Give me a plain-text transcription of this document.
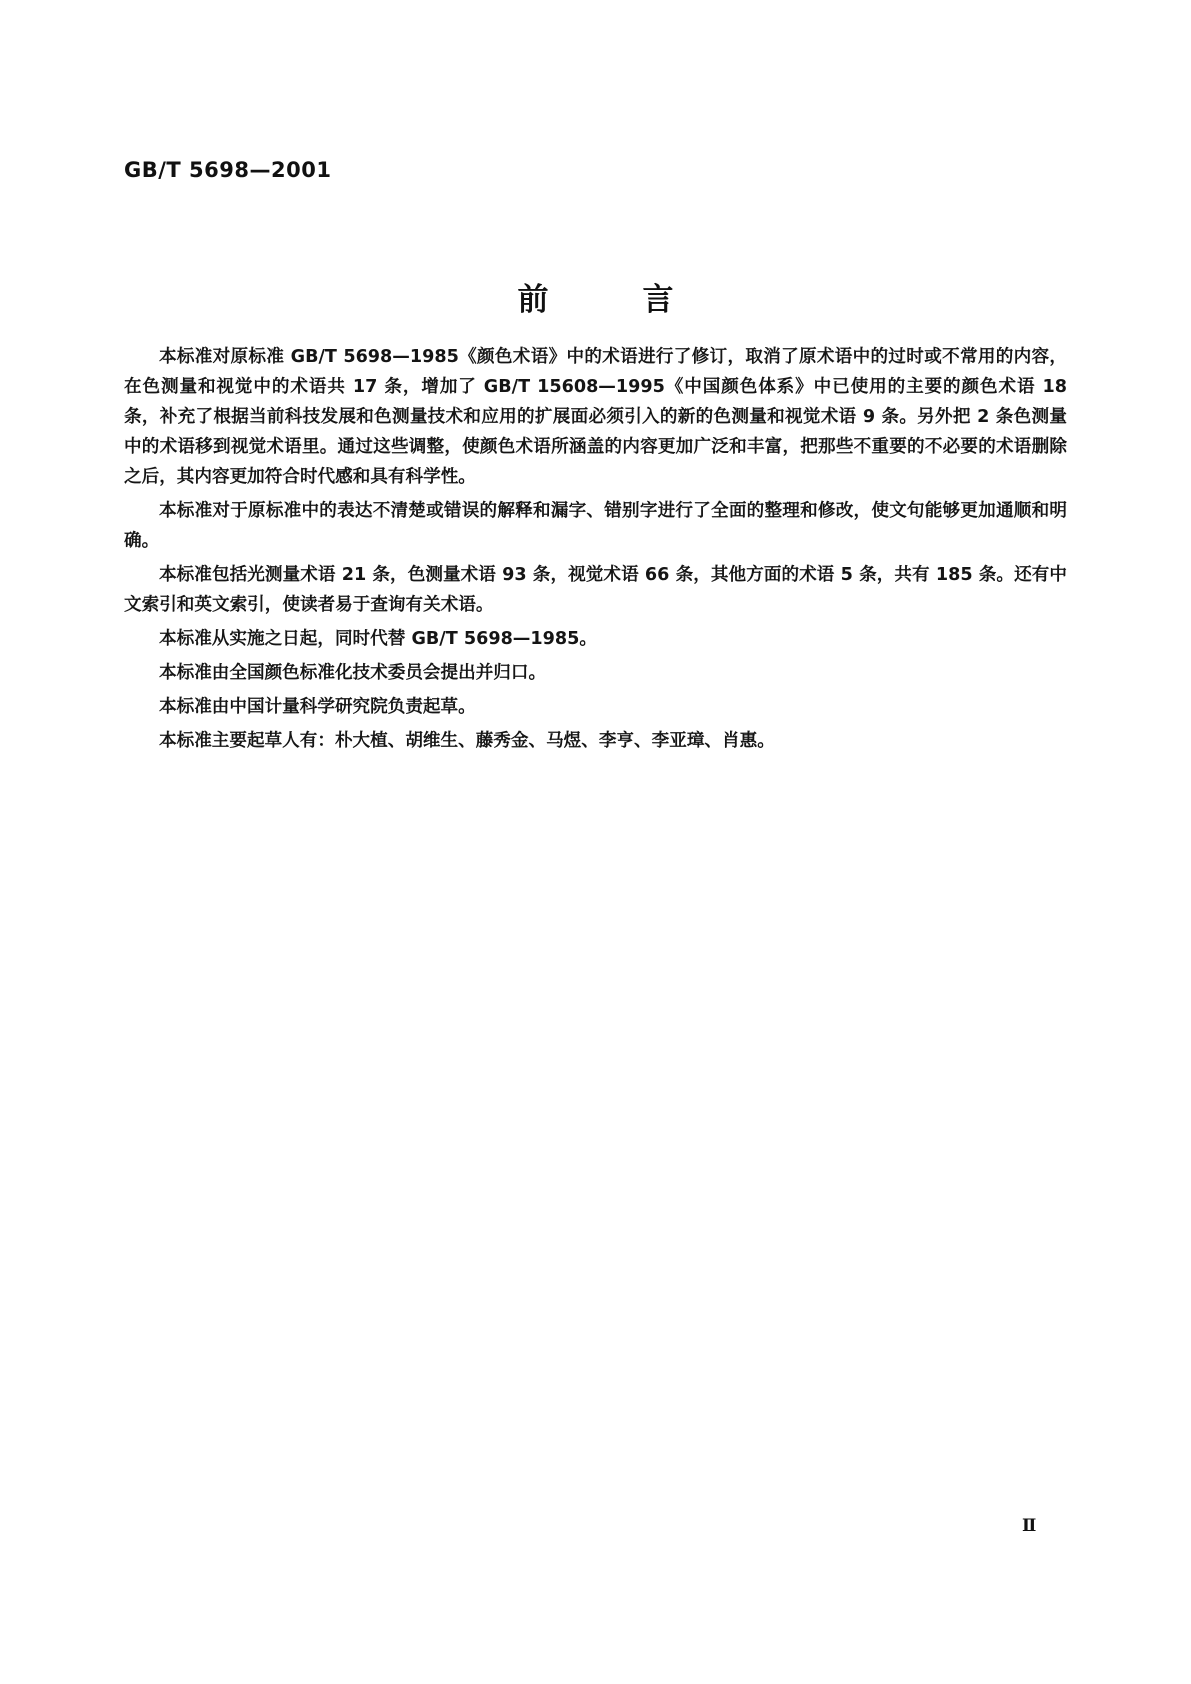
GB/T 5698—2001
前言

本标准对原标准 GB/T 5698—1985《颜色术语》中的术语进行了修订，取消了原术语中的过时或不常用的内容，在色测量和视觉中的术语共 17 条，增加了 GB/T 15608—1995《中国颜色体系》中已使用的主要的颜色术语 18 条，补充了根据当前科技发展和色测量技术和应用的扩展面必须引入的新的色测量和视觉术语 9 条。另外把 2 条色测量中的术语移到视觉术语里。通过这些调整，使颜色术语所涵盖的内容更加广泛和丰富，把那些不重要的不必要的术语删除之后，其内容更加符合时代感和具有科学性。

本标准对于原标准中的表达不清楚或错误的解释和漏字、错别字进行了全面的整理和修改，使文句能够更加通顺和明确。

本标准包括光测量术语 21 条，色测量术语 93 条，视觉术语 66 条，其他方面的术语 5 条，共有 185 条。还有中文索引和英文索引，使读者易于查询有关术语。

本标准从实施之日起，同时代替 GB/T 5698—1985。

本标准由全国颜色标准化技术委员会提出并归口。

本标准由中国计量科学研究院负责起草。

本标准主要起草人有：朴大植、胡维生、藤秀金、马煜、李亨、李亚璋、肖惠。

Ⅱ
